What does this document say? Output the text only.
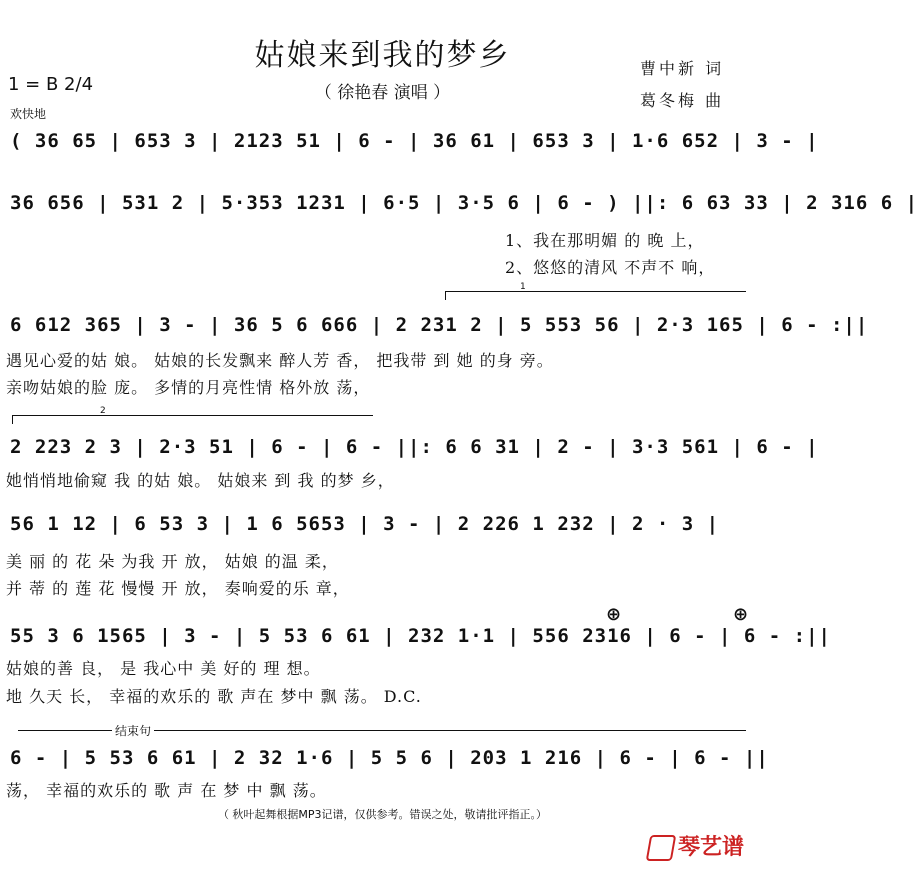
姑娘来到我的梦乡
（ 徐艳春 演唱 ）
曹中新 词
葛冬梅 曲
1 = B 2/4
欢快地
( 36 65 | 653 3 | 2123 51 | 6 - | 36 61 | 653 3 | 1·6 652 | 3 - |
36 656 | 531 2 | 5·353 1231 | 6·5 | 3·5 6 | 6 - ) ||: 6 63 33 | 2 316 6 |
1、我在那明媚 的 晚 上，
2、悠悠的清风 不声不 响，
1
6 612 365 | 3 - | 36 5 6 666 | 2 231 2 | 5 553 56 | 2·3 165 | 6 - :||
遇见心爱的姑 娘。 姑娘的长发飘来 醉人芳 香， 把我带 到 她 的身 旁。
亲吻姑娘的脸 庞。 多情的月亮性情 格外放 荡，
2
2 223 2 3 | 2·3 51 | 6 - | 6 - ||: 6 6 31 | 2 - | 3·3 561 | 6 - |
她悄悄地偷窥 我 的姑 娘。 姑娘来 到 我 的梦 乡，
56 1 12 | 6 53 3 | 1 6 5653 | 3 - | 2 226 1 232 | 2 · 3 |
美 丽 的 花 朵 为我 开 放， 姑娘 的温 柔，
并 蒂 的 莲 花 慢慢 开 放， 奏响爱的乐 章，
⊕	⊕
55 3 6 1565 | 3 - | 5 53 6 61 | 232 1·1 | 556 2316 | 6 - | 6 - :||
姑娘的善 良， 是 我心中 美 好的 理 想。
地 久天 长， 幸福的欢乐的 歌 声在 梦中 飘 荡。 D.C.
结束句
6 - | 5 53 6 61 | 2 32 1·6 | 5 5 6 | 203 1 216 | 6 - | 6 - ||
荡， 幸福的欢乐的 歌 声 在 梦 中 飘 荡。
（ 秋叶起舞根据MP3记谱，仅供参考。错误之处，敬请批评指正。）
琴艺谱
